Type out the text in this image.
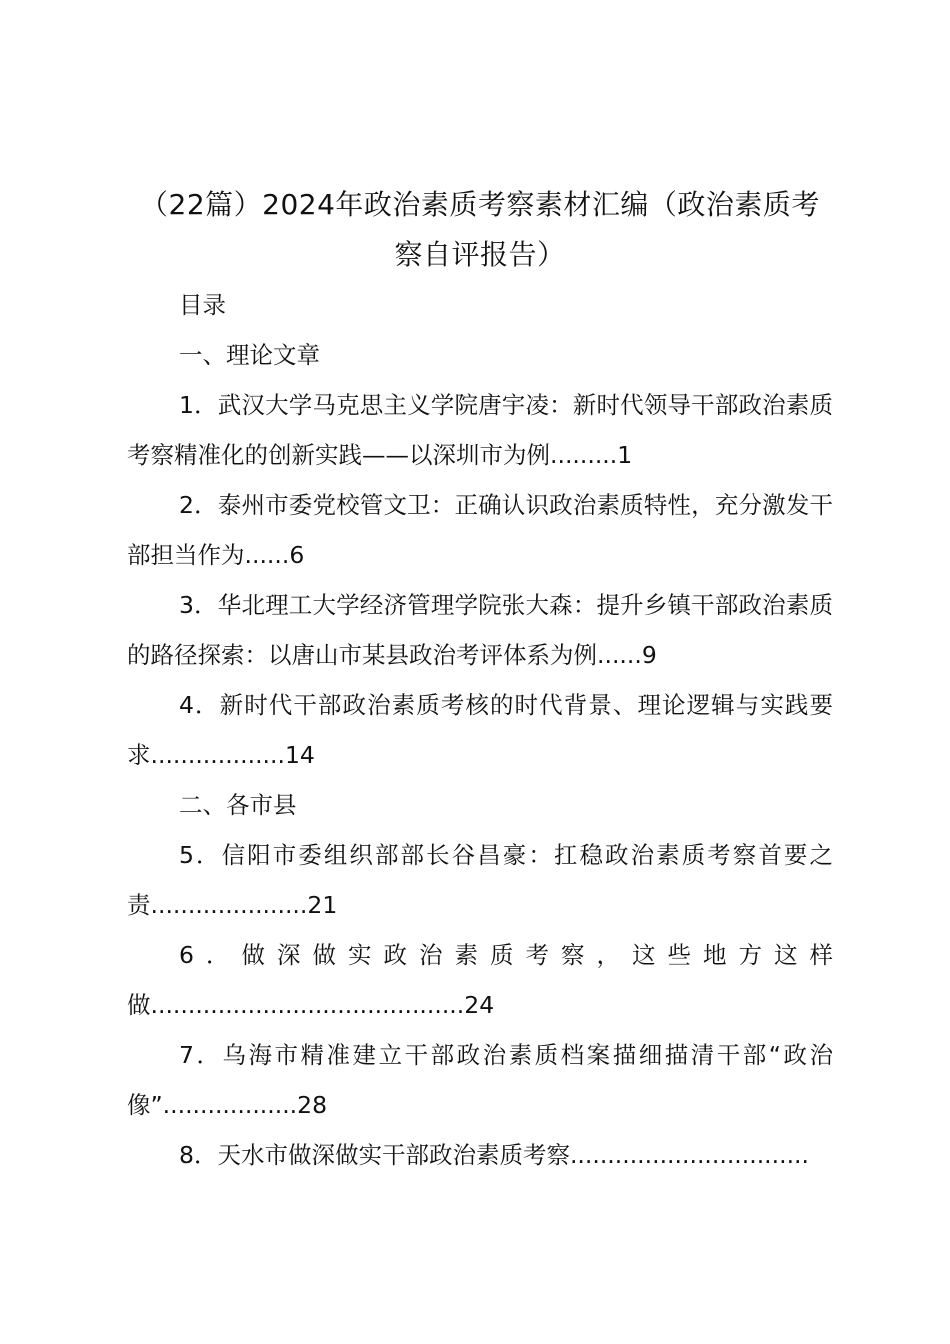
（22篇）2024年政治素质考察素材汇编（政治素质考察自评报告）

目录

一、理论文章

1．武汉大学马克思主义学院唐宇凌：新时代领导干部政治素质考察精准化的创新实践——以深圳市为例.........1

2．泰州市委党校管文卫：正确认识政治素质特性，充分激发干部担当作为......6

3．华北理工大学经济管理学院张大森：提升乡镇干部政治素质的路径探索：以唐山市某县政治考评体系为例......9

4．新时代干部政治素质考核的时代背景、理论逻辑与实践要求..................14

二、各市县

5．信阳市委组织部部长谷昌豪：扛稳政治素质考察首要之责.....................21

6．做深做实政治素质考察，这些地方这样做..........................................24

7．乌海市精准建立干部政治素质档案描细描清干部“政治像”..................28

8．天水市做深做实干部政治素质考察................................
